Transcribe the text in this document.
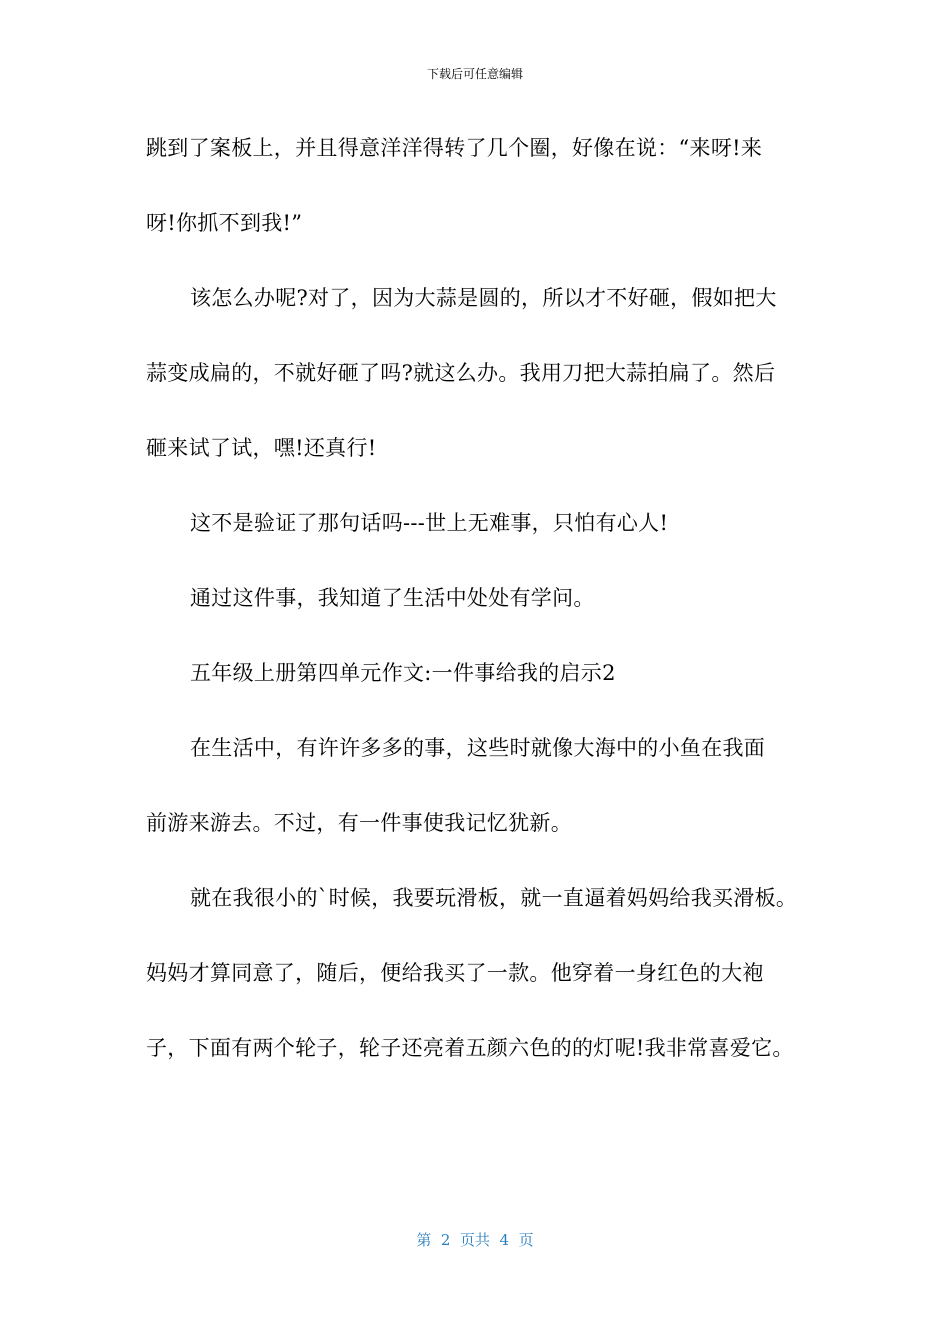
下载后可任意编辑
跳到了案板上，并且得意洋洋得转了几个圈，好像在说：“来呀!来
呀!你抓不到我!”
该怎么办呢?对了，因为大蒜是圆的，所以才不好砸，假如把大
蒜变成扁的，不就好砸了吗?就这么办。我用刀把大蒜拍扁了。然后
砸来试了试，嘿!还真行!
这不是验证了那句话吗---世上无难事，只怕有心人!
通过这件事，我知道了生活中处处有学问。
五年级上册第四单元作文:一件事给我的启示2
在生活中，有许许多多的事，这些时就像大海中的小鱼在我面
前游来游去。不过，有一件事使我记忆犹新。
就在我很小的`时候，我要玩滑板，就一直逼着妈妈给我买滑板。
妈妈才算同意了，随后，便给我买了一款。他穿着一身红色的大袍
子，下面有两个轮子，轮子还亮着五颜六色的的灯呢!我非常喜爱它。
第  2  页共  4  页
